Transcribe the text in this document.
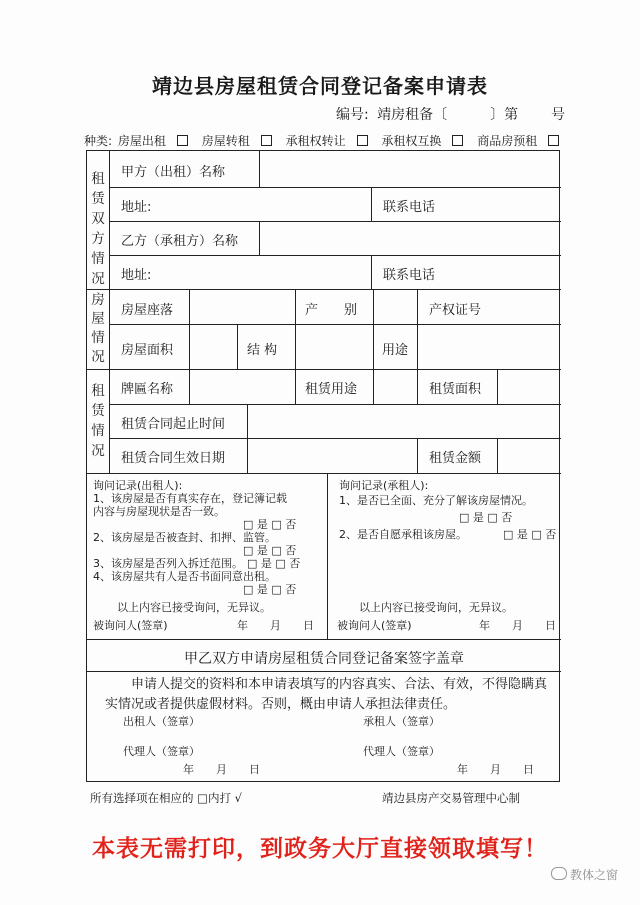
靖边县房屋租赁合同登记备案申请表
编号: 靖房租备〔	〕第 号
种类: 房屋出租	房屋转租	承租权转让	承租权互换	商品房预租
租赁双方情况
房屋情况
租赁情况
甲方（出租）名称
地址:	联系电话
乙方（承租方）名称
地址:	联系电话
房屋座落	产　　别	产权证号
房屋面积	结 构	用途
牌匾名称	租赁用途	租赁面积
租赁合同起止时间
租赁合同生效日期	租赁金额
询问记录(出租人):
1、该房屋是否有真实存在，登记簿记载
内容与房屋现状是否一致。
□ 是 □ 否
2、该房屋是否被查封、扣押、监管。
□ 是 □ 否
3、该房屋是否列入拆迁范围。 □ 是 □ 否
4、该房屋共有人是否书面同意出租。
□ 是 □ 否
以上内容已接受询问，无异议。
被询问人(签章)	年　　月　　日
询问记录(承租人):
1、是否已全面、充分了解该房屋情况。
□ 是 □ 否
2、是否自愿承租该房屋。	□ 是 □ 否
以上内容已接受询问，无异议。
被询问人(签章)	年　　月　　日
甲乙双方申请房屋租赁合同登记备案签字盖章
申请人提交的资料和本申请表填写的内容真实、合法、有效，不得隐瞒真实情况或者提供虚假材料。否则，概由申请人承担法律责任。
出租人（签章）	承租人（签章）
代理人（签章）	代理人（签章）
年　　月　　日	年　　月　　日
所有选择项在相应的 □内打 √	靖边县房产交易管理中心制
本表无需打印，到政务大厅直接领取填写！
教体之窗
